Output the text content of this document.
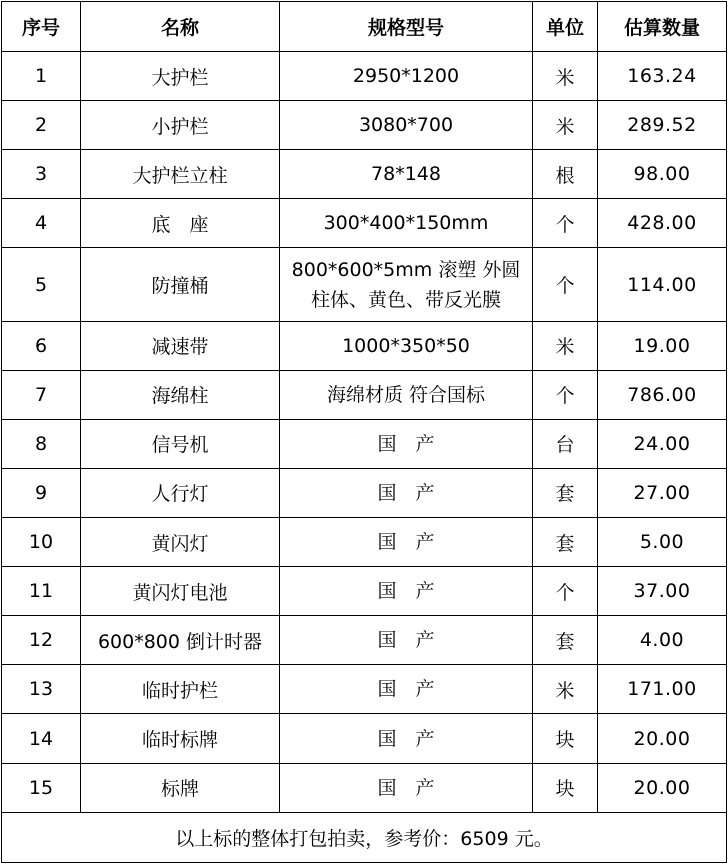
序号	名称	规格型号	单位	估算数量
1	大护栏	2950*1200	米	163.24
2	小护栏	3080*700	米	289.52
3	大护栏立柱	78*148	根	98.00
4	底　座	300*400*150mm	个	428.00
5	防撞桶	800*600*5mm 滚塑 外圆柱体、黄色、带反光膜	个	114.00
6	减速带	1000*350*50	米	19.00
7	海绵柱	海绵材质 符合国标	个	786.00
8	信号机	国　产	台	24.00
9	人行灯	国　产	套	27.00
10	黄闪灯	国　产	套	5.00
11	黄闪灯电池	国　产	个	37.00
12	600*800 倒计时器	国　产	套	4.00
13	临时护栏	国　产	米	171.00
14	临时标牌	国　产	块	20.00
15	标牌	国　产	块	20.00
以上标的整体打包拍卖，参考价：6509 元。				
